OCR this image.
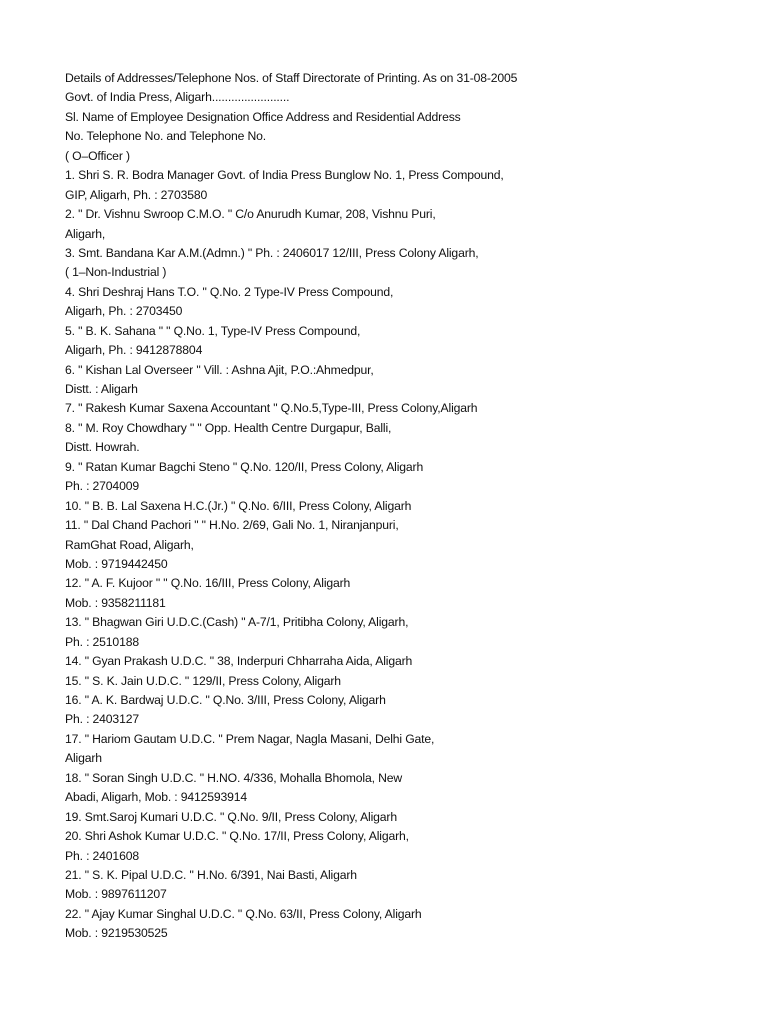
Details of Addresses/Telephone Nos. of Staff Directorate of Printing. As on 31-08-2005
Govt. of India Press, Aligarh........................
Sl. Name of Employee Designation Office Address and Residential Address
No. Telephone No. and Telephone No.
( O–Officer )
1. Shri S. R. Bodra Manager Govt. of India Press Bunglow No. 1, Press Compound,
GIP, Aligarh, Ph. : 2703580
2. " Dr. Vishnu Swroop C.M.O. " C/o Anurudh Kumar, 208, Vishnu Puri,
Aligarh,
3. Smt. Bandana Kar A.M.(Admn.) " Ph. : 2406017 12/III, Press Colony Aligarh,
( 1–Non-Industrial )
4. Shri Deshraj Hans T.O. " Q.No. 2 Type-IV Press Compound,
Aligarh, Ph. : 2703450
5. " B. K. Sahana " " Q.No. 1, Type-IV Press Compound,
Aligarh, Ph. : 9412878804
6. " Kishan Lal Overseer " Vill. : Ashna Ajit, P.O.:Ahmedpur,
Distt. : Aligarh
7. " Rakesh Kumar Saxena Accountant " Q.No.5,Type-III, Press Colony,Aligarh
8. " M. Roy Chowdhary " " Opp. Health Centre Durgapur, Balli,
Distt. Howrah.
9. " Ratan Kumar Bagchi Steno " Q.No. 120/II, Press Colony, Aligarh
Ph. : 2704009
10. " B. B. Lal Saxena H.C.(Jr.) " Q.No. 6/III, Press Colony, Aligarh
11. " Dal Chand Pachori " " H.No. 2/69, Gali No. 1, Niranjanpuri,
RamGhat Road, Aligarh,
Mob. : 9719442450
12. " A. F. Kujoor " " Q.No. 16/III, Press Colony, Aligarh
Mob. : 9358211181
13. " Bhagwan Giri U.D.C.(Cash) " A-7/1, Pritibha Colony, Aligarh,
Ph. : 2510188
14. " Gyan Prakash U.D.C. " 38, Inderpuri Chharraha Aida, Aligarh
15. " S. K. Jain U.D.C. " 129/II, Press Colony, Aligarh
16. " A. K. Bardwaj U.D.C. " Q.No. 3/III, Press Colony, Aligarh
Ph. : 2403127
17. " Hariom Gautam U.D.C. " Prem Nagar, Nagla Masani, Delhi Gate,
Aligarh
18. " Soran Singh U.D.C. " H.NO. 4/336, Mohalla Bhomola, New
Abadi, Aligarh, Mob. : 9412593914
19. Smt.Saroj Kumari U.D.C. " Q.No. 9/II, Press Colony, Aligarh
20. Shri Ashok Kumar U.D.C. " Q.No. 17/II, Press Colony, Aligarh,
Ph. : 2401608
21. " S. K. Pipal U.D.C. " H.No. 6/391, Nai Basti, Aligarh
Mob. : 9897611207
22. " Ajay Kumar Singhal U.D.C. " Q.No. 63/II, Press Colony, Aligarh
Mob. : 9219530525
